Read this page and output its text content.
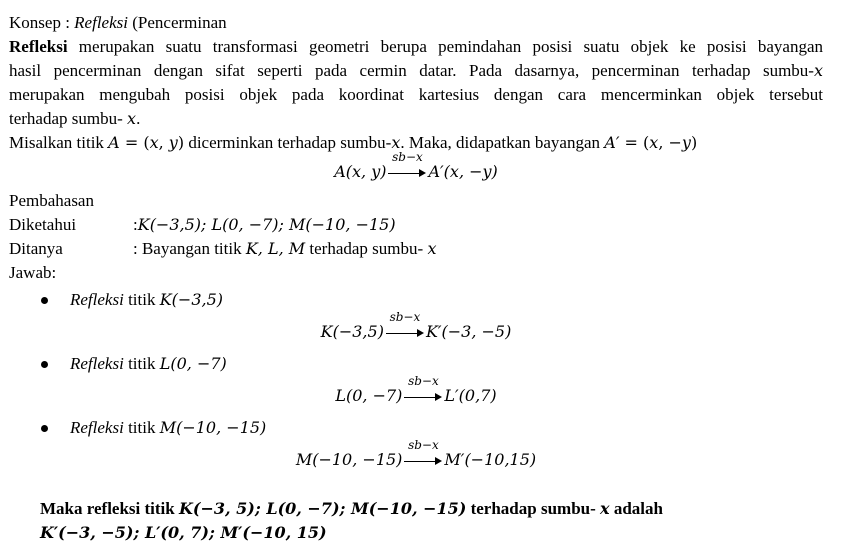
Konsep : Refleksi (Pencerminan
Refleksi merupakan suatu transformasi geometri berupa pemindahan posisi suatu objek ke posisi bayangan
hasil pencerminan dengan sifat seperti pada cermin datar. Pada dasarnya, pencerminan terhadap sumbu-x
merupakan mengubah posisi objek pada koordinat kartesius dengan cara mencerminkan objek tersebut
terhadap sumbu- x.
Misalkan titik A = (x, y) dicerminkan terhadap sumbu-x. Maka, didapatkan bayangan A′ = (x, −y)
A(x, y)
sb−x
A′(x, −y)
Pembahasan
Diketahui	: K(−3,5); L(0, −7); M(−10, −15)
Ditanya	: Bayangan titik K, L, M terhadap sumbu- x
Jawab:
Refleksi titik K(−3,5)
K(−3,5)
sb−x
K′(−3, −5)
Refleksi titik L(0, −7)
L(0, −7)
sb−x
L′(0,7)
Refleksi titik M(−10, −15)
M(−10, −15)
sb−x
M′(−10,15)
Maka refleksi titik K(−3, 5); L(0, −7); M(−10, −15) terhadap sumbu- x adalah
K′(−3, −5); L′(0, 7); M′(−10, 15)
